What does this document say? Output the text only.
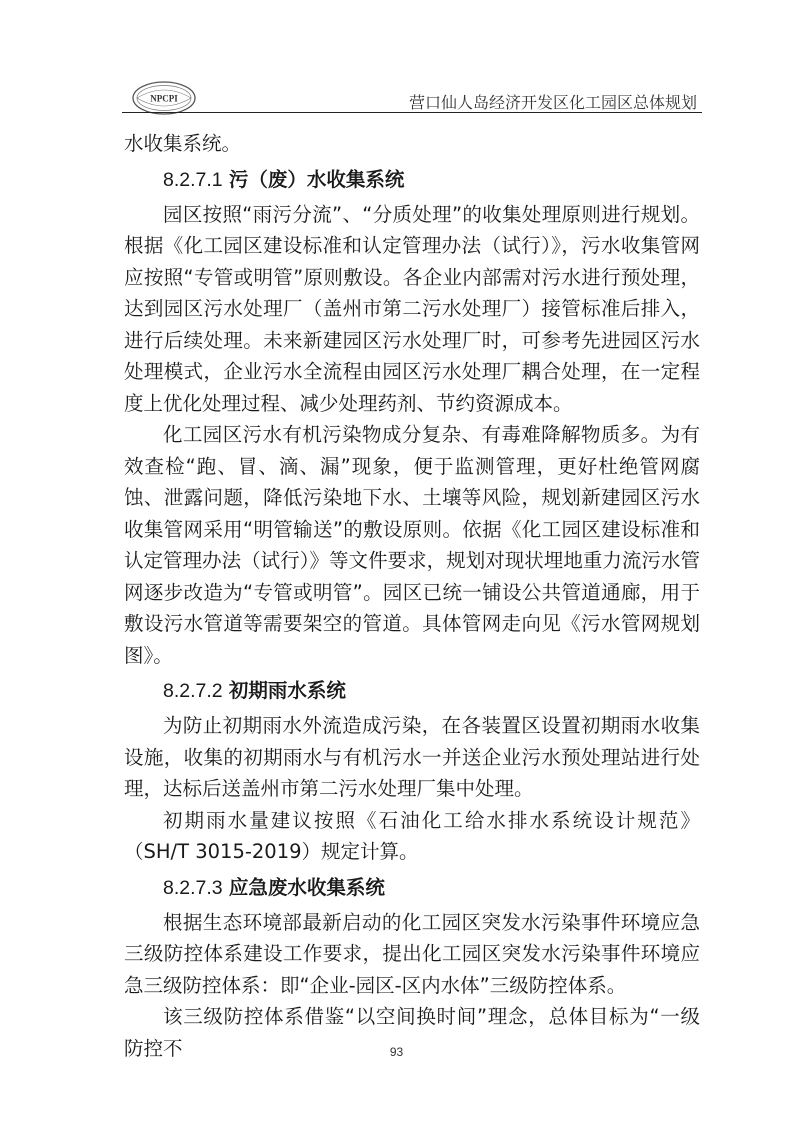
NPCPI	营口仙人岛经济开发区化工园区总体规划

水收集系统。

8.2.7.1 污（废）水收集系统

园区按照“雨污分流”、“分质处理”的收集处理原则进行规划。根据《化工园区建设标准和认定管理办法（试行）》，污水收集管网应按照“专管或明管”原则敷设。各企业内部需对污水进行预处理，达到园区污水处理厂（盖州市第二污水处理厂）接管标准后排入，进行后续处理。未来新建园区污水处理厂时，可参考先进园区污水处理模式，企业污水全流程由园区污水处理厂耦合处理，在一定程度上优化处理过程、减少处理药剂、节约资源成本。

化工园区污水有机污染物成分复杂、有毒难降解物质多。为有效查检“跑、冒、滴、漏”现象，便于监测管理，更好杜绝管网腐蚀、泄露问题，降低污染地下水、土壤等风险，规划新建园区污水收集管网采用“明管输送”的敷设原则。依据《化工园区建设标准和认定管理办法（试行）》等文件要求，规划对现状埋地重力流污水管网逐步改造为“专管或明管”。园区已统一铺设公共管道通廊，用于敷设污水管道等需要架空的管道。具体管网走向见《污水管网规划图》。

8.2.7.2 初期雨水系统

为防止初期雨水外流造成污染，在各装置区设置初期雨水收集设施，收集的初期雨水与有机污水一并送企业污水预处理站进行处理，达标后送盖州市第二污水处理厂集中处理。

初期雨水量建议按照《石油化工给水排水系统设计规范》（SH/T 3015-2019）规定计算。

8.2.7.3 应急废水收集系统

根据生态环境部最新启动的化工园区突发水污染事件环境应急三级防控体系建设工作要求，提出化工园区突发水污染事件环境应急三级防控体系：即“企业-园区-区内水体”三级防控体系。

该三级防控体系借鉴“以空间换时间”理念，总体目标为“一级防控不	93
